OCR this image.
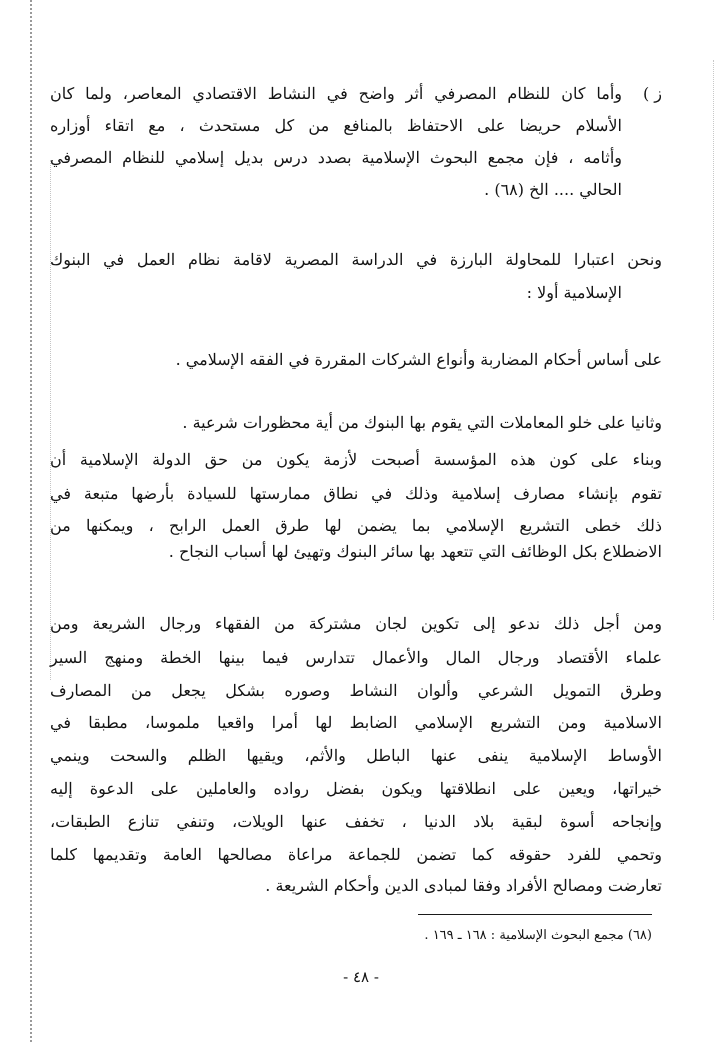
ز )
وأما كان للنظام المصرفي أثر واضح في النشاط الاقتصادي المعاصر، ولما كان
الأسلام حريضا على الاحتفاظ بالمنافع من كل مستحدث ، مع اتقاء أوزاره
وأثامه ، فإن مجمع البحوث الإسلامية بصدد درس بديل إسلامي للنظام المصرفي
الحالي .... الخ (٦٨) .
ونحن اعتبارا للمحاولة البارزة في الدراسة المصرية لاقامة نظام العمل في البنوك
الإسلامية أولا :
على أساس أحكام المضاربة وأنواع الشركات المقررة في الفقه الإسلامي .
وثانيا على خلو المعاملات التي يقوم بها البنوك من أية محظورات شرعية .
وبناء على كون هذه المؤسسة أصبحت لأزمة يكون من حق الدولة الإسلامية أن
تقوم بإنشاء مصارف إسلامية وذلك في نطاق ممارستها للسيادة بأرضها متبعة في
ذلك خطى التشريع الإسلامي بما يضمن لها طرق العمل الرابح ، ويمكنها من
الاضطلاع بكل الوظائف التي تتعهد بها سائر البنوك وتهيئ لها أسباب النجاح .
ومن أجل ذلك ندعو إلى تكوين لجان مشتركة من الفقهاء ورجال الشريعة ومن
علماء الأقتصاد ورجال المال والأعمال تتدارس فيما بينها الخطة ومنهج السير
وطرق التمويل الشرعي وألوان النشاط وصوره بشكل يجعل من المصارف
الاسلامية ومن التشريع الإسلامي الضابط لها أمرا واقعيا ملموسا، مطبقا في
الأوساط الإسلامية ينفى عنها الباطل والأثم، ويقيها الظلم والسحت وينمي
خيراتها، ويعين على انطلاقتها ويكون بفضل رواده والعاملين على الدعوة إليه
وإنجاحه أسوة لبقية بلاد الدنيا ، تخفف عنها الويلات، وتنفي تنازع الطبقات،
وتحمي للفرد حقوقه كما تضمن للجماعة مراعاة مصالحها العامة وتقديمها كلما
تعارضت ومصالح الأفراد وفقا لمبادى الدين وأحكام الشريعة .
(٦٨) مجمع البحوث الإسلامية : ١٦٨ ـ ١٦٩ .
- ٤٨ -
